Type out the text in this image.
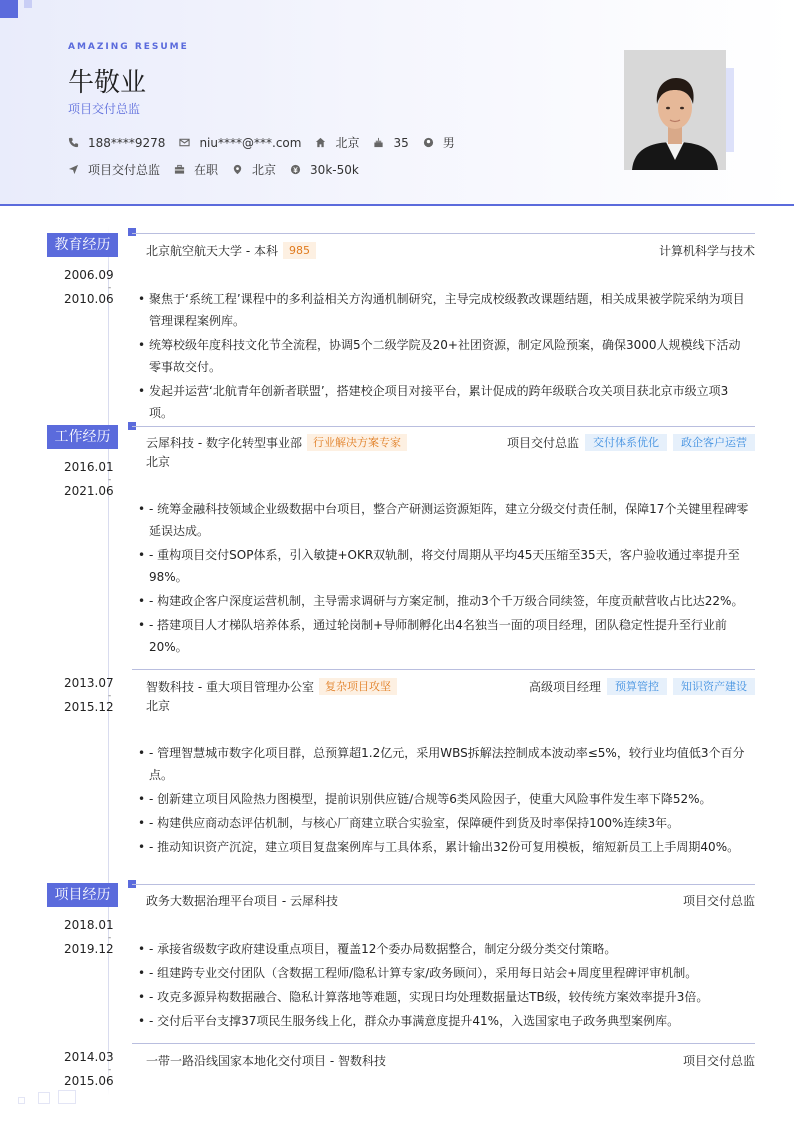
AMAZING RESUME
牛敬业
项目交付总监
188****9278	niu****@***.com	北京	35	男
项目交付总监	在职	北京	30k-50k
教育经历	北京航空航天大学 - 本科	985	计算机科学与技术
2006.09
-
2010.06	• 聚焦于‘系统工程’课程中的多利益相关方沟通机制研究，主导完成校级教改课题结题，相关成果被学院采纳为项目管理课程案例库。
• 统筹校级年度科技文化节全流程，协调5个二级学院及20+社团资源，制定风险预案，确保3000人规模线下活动零事故交付。
• 发起并运营‘北航青年创新者联盟’，搭建校企项目对接平台，累计促成的跨年级联合攻关项目获北京市级立项3项。
工作经历	云犀科技 - 数字化转型事业部	行业解决方案专家	项目交付总监	交付体系优化	政企客户运营
北京
2016.01
-
2021.06
• - 统筹金融科技领域企业级数据中台项目，整合产研测运资源矩阵，建立分级交付责任制，保障17个关键里程碑零延误达成。
• - 重构项目交付SOP体系，引入敏捷+OKR双轨制，将交付周期从平均45天压缩至35天，客户验收通过率提升至98%。
• - 构建政企客户深度运营机制，主导需求调研与方案定制，推动3个千万级合同续签，年度贡献营收占比达22%。
• - 搭建项目人才梯队培养体系，通过轮岗制+导师制孵化出4名独当一面的项目经理，团队稳定性提升至行业前20%。
智数科技 - 重大项目管理办公室	复杂项目攻坚	高级项目经理	预算管控	知识资产建设
北京
2013.07
-
2015.12
• - 管理智慧城市数字化项目群，总预算超1.2亿元，采用WBS拆解法控制成本波动率≤5%，较行业均值低3个百分点。
• - 创新建立项目风险热力图模型，提前识别供应链/合规等6类风险因子，使重大风险事件发生率下降52%。
• - 构建供应商动态评估机制，与核心厂商建立联合实验室，保障硬件到货及时率保持100%连续3年。
• - 推动知识资产沉淀，建立项目复盘案例库与工具体系，累计输出32份可复用模板，缩短新员工上手周期40%。
项目经历	政务大数据治理平台项目 - 云犀科技	项目交付总监
2018.01
-
2019.12	• - 承接省级数字政府建设重点项目，覆盖12个委办局数据整合，制定分级分类交付策略。
• - 组建跨专业交付团队（含数据工程师/隐私计算专家/政务顾问），采用每日站会+周度里程碑评审机制。
• - 攻克多源异构数据融合、隐私计算落地等难题，实现日均处理数据量达TB级，较传统方案效率提升3倍。
• - 交付后平台支撑37项民生服务线上化，群众办事满意度提升41%，入选国家电子政务典型案例库。
一带一路沿线国家本地化交付项目 - 智数科技	项目交付总监
2014.03
-
2015.06
